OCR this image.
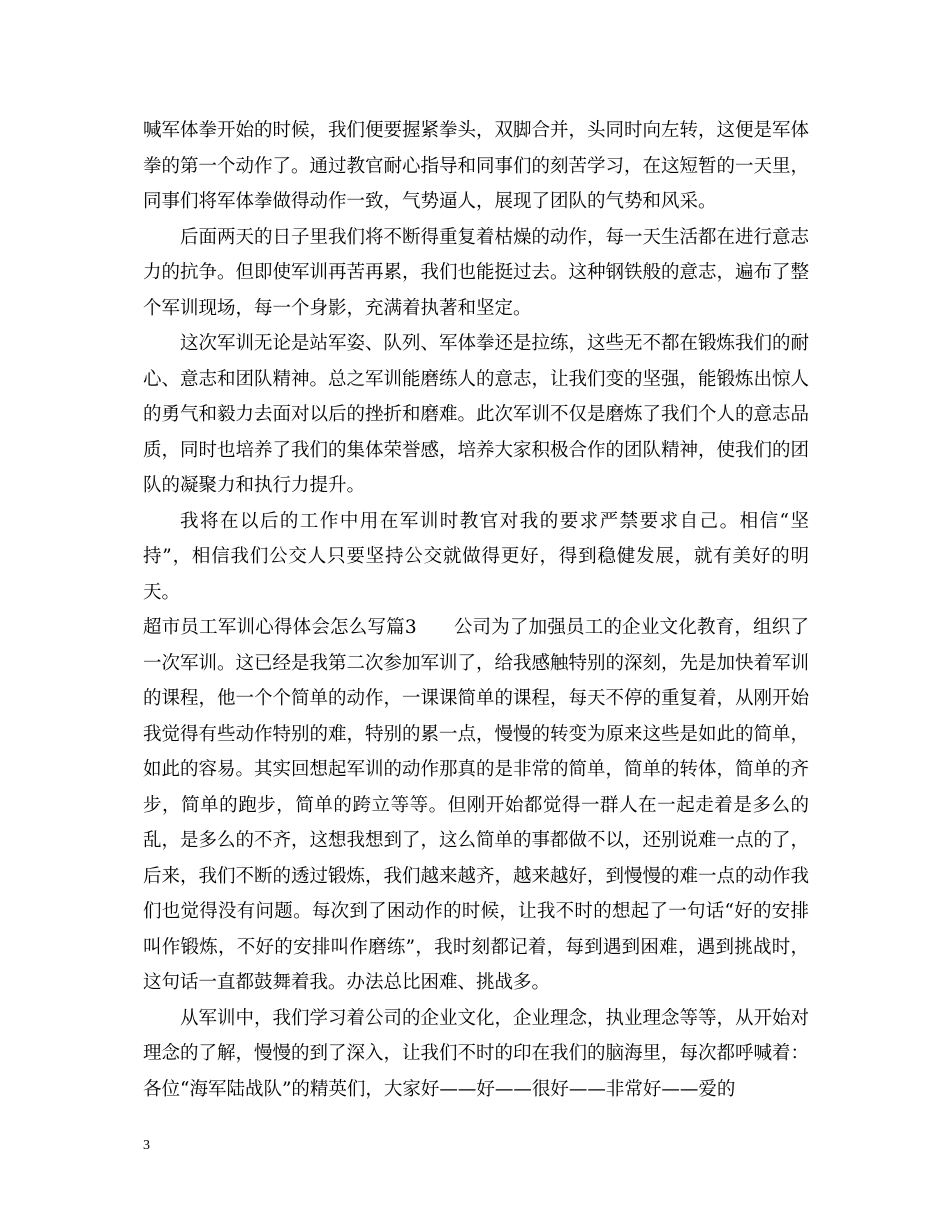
喊军体拳开始的时候，我们便要握紧拳头，双脚合并，头同时向左转，这便是军体拳的第一个动作了。通过教官耐心指导和同事们的刻苦学习，在这短暂的一天里，同事们将军体拳做得动作一致，气势逼人，展现了团队的气势和风采。

后面两天的日子里我们将不断得重复着枯燥的动作，每一天生活都在进行意志力的抗争。但即使军训再苦再累，我们也能挺过去。这种钢铁般的意志，遍布了整个军训现场，每一个身影，充满着执著和坚定。

这次军训无论是站军姿、队列、军体拳还是拉练，这些无不都在锻炼我们的耐心、意志和团队精神。总之军训能磨练人的意志，让我们变的坚强，能锻炼出惊人的勇气和毅力去面对以后的挫折和磨难。此次军训不仅是磨炼了我们个人的意志品质，同时也培养了我们的集体荣誉感，培养大家积极合作的团队精神，使我们的团队的凝聚力和执行力提升。

我将在以后的工作中用在军训时教官对我的要求严禁要求自己。相信“坚持”，相信我们公交人只要坚持公交就做得更好，得到稳健发展，就有美好的明天。

超市员工军训心得体会怎么写篇3 公司为了加强员工的企业文化教育，组织了一次军训。这已经是我第二次参加军训了，给我感触特别的深刻，先是加快着军训的课程，他一个个简单的动作，一课课简单的课程，每天不停的重复着，从刚开始我觉得有些动作特别的难，特别的累一点，慢慢的转变为原来这些是如此的简单，如此的容易。其实回想起军训的动作那真的是非常的简单，简单的转体，简单的齐步，简单的跑步，简单的跨立等等。但刚开始都觉得一群人在一起走着是多么的乱，是多么的不齐，这想我想到了，这么简单的事都做不以，还别说难一点的了，后来，我们不断的透过锻炼，我们越来越齐，越来越好，到慢慢的难一点的动作我们也觉得没有问题。每次到了困动作的时候，让我不时的想起了一句话“好的安排叫作锻炼，不好的安排叫作磨练”，我时刻都记着，每到遇到困难，遇到挑战时，这句话一直都鼓舞着我。办法总比困难、挑战多。

从军训中，我们学习着公司的企业文化，企业理念，执业理念等等，从开始对理念的了解，慢慢的到了深入，让我们不时的印在我们的脑海里，每次都呼喊着：各位“海军陆战队”的精英们，大家好——好——很好——非常好——爱的

3
